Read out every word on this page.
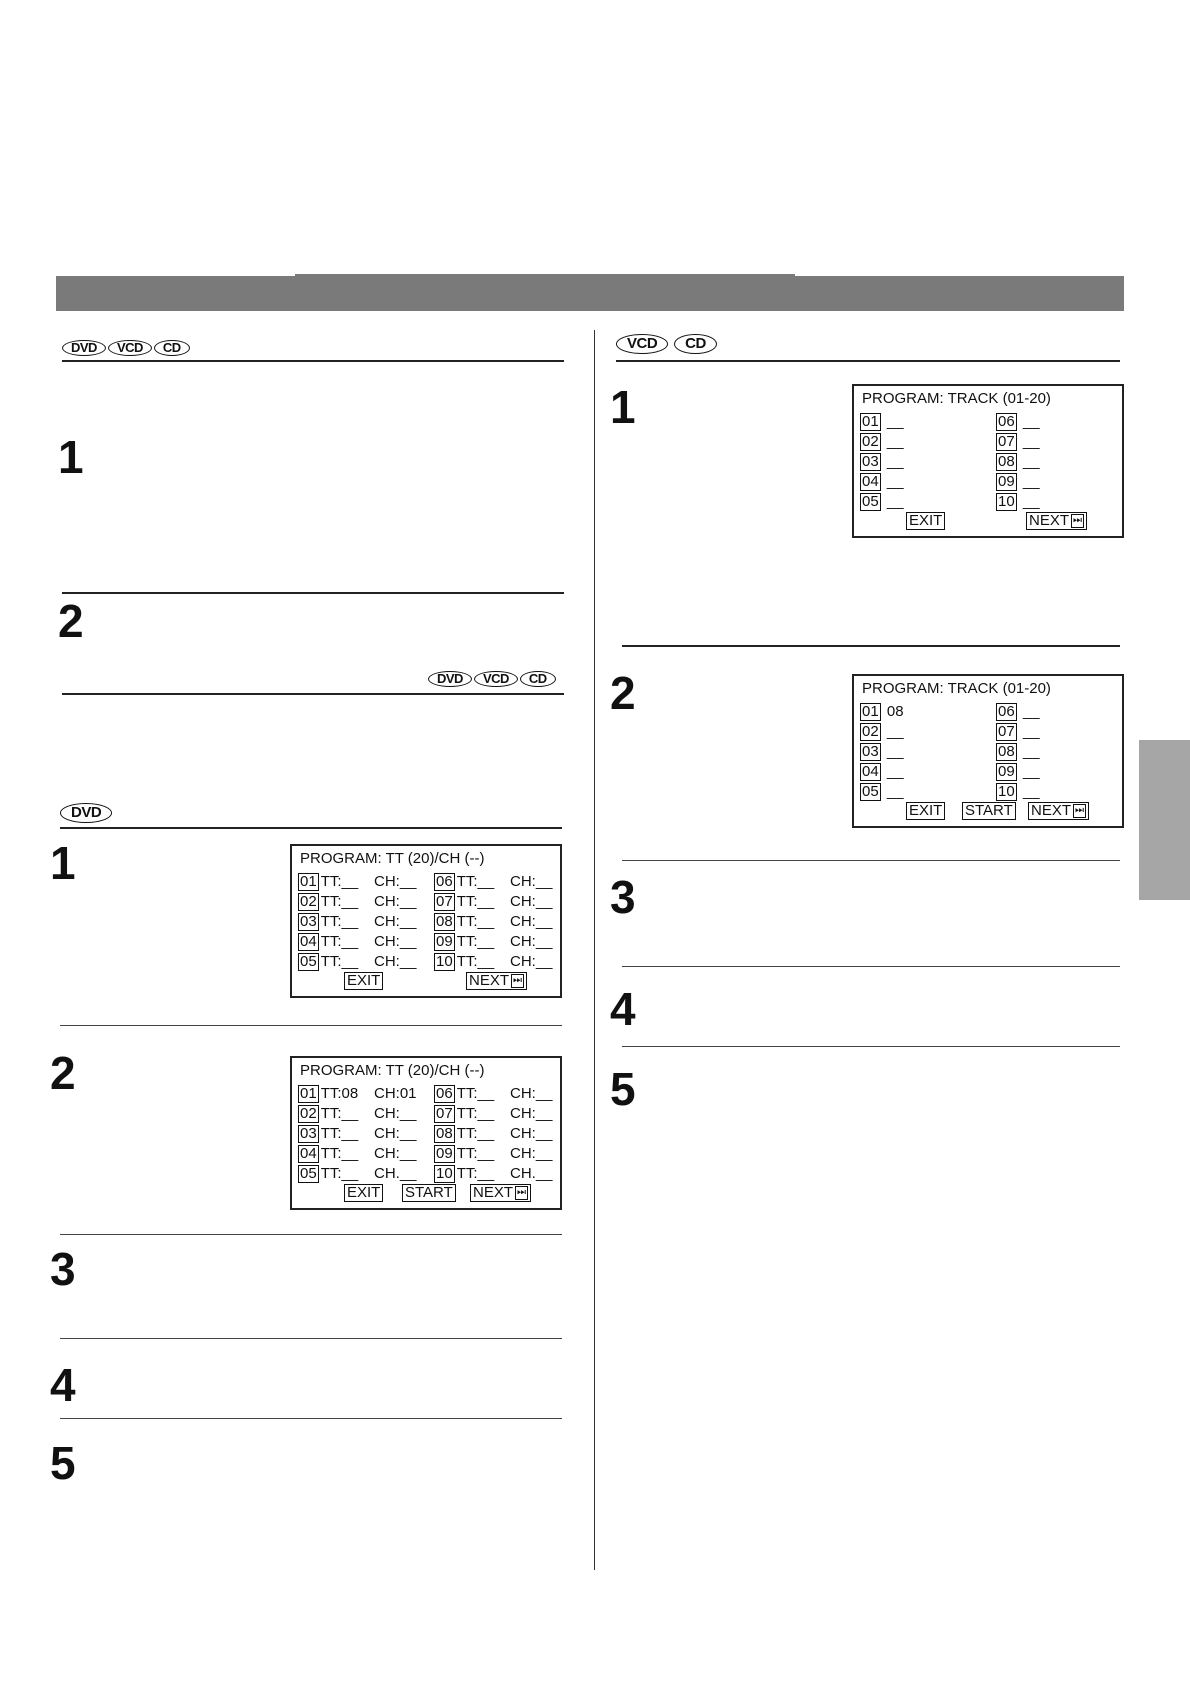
DVD	VCD	CD
1
2
DVD	VCD	CD
DVD
1	PROGRAM: TT (20)/CH (--)
01 TT:__ CH:__ 06 TT:__ CH:__
02 TT:__ CH:__ 07 TT:__ CH:__
03 TT:__ CH:__ 08 TT:__ CH:__
04 TT:__ CH:__ 09 TT:__ CH:__
05 TT:__ CH:__ 10 TT:__ CH:__
EXIT	NEXT ⏭
2	PROGRAM: TT (20)/CH (--)
01 TT:08 CH:01 06 TT:__ CH:__
02 TT:__ CH:__ 07 TT:__ CH:__
03 TT:__ CH:__ 08 TT:__ CH:__
04 TT:__ CH:__ 09 TT:__ CH:__
05 TT:__ CH.__ 10 TT:__ CH.__
EXIT START NEXT ⏭
3
4
5
VCD	CD
1	PROGRAM: TRACK (01-20)
01 __	06 __
02 __	07 __
03 __	08 __
04 __	09 __
05 __	10 __
EXIT	NEXT ⏭
2	PROGRAM: TRACK (01-20)
01 08	06 __
02 __	07 __
03 __	08 __
04 __	09 __
05 __	10 __
EXIT START NEXT ⏭
3
4
5
